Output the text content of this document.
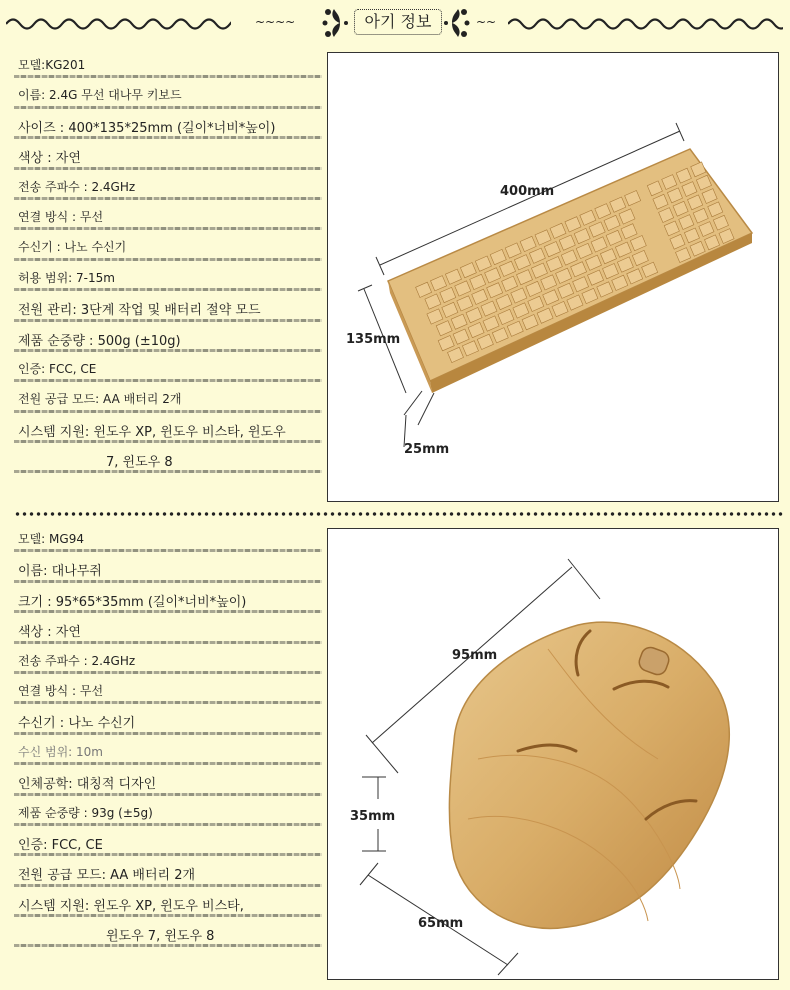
~~~~	아기 정보	~~
모델:KG201
이름: 2.4G 무선 대나무 키보드
사이즈 : 400*135*25mm (길이*너비*높이)
색상 : 자연
전송 주파수 : 2.4GHz
연결 방식 : 무선
수신기 : 나노 수신기
허용 범위: 7-15m
전원 관리: 3단계 작업 및 배터리 절약 모드
제품 순중량 : 500g (±10g)
인증: FCC, CE
전원 공급 모드: AA 배터리 2개
시스템 지원: 윈도우 XP, 윈도우 비스타, 윈도우
7, 윈도우 8
400mm
135mm
25mm
모델: MG94
이름: 대나무쥐
크기 : 95*65*35mm (길이*너비*높이)
색상 : 자연
전송 주파수 : 2.4GHz
연결 방식 : 무선
수신기 : 나노 수신기
수신 범위: 10m
인체공학: 대칭적 디자인
제품 순중량 : 93g (±5g)
인증: FCC, CE
전원 공급 모드: AA 배터리 2개
시스템 지원: 윈도우 XP, 윈도우 비스타,
윈도우 7, 윈도우 8
95mm
35mm
65mm
